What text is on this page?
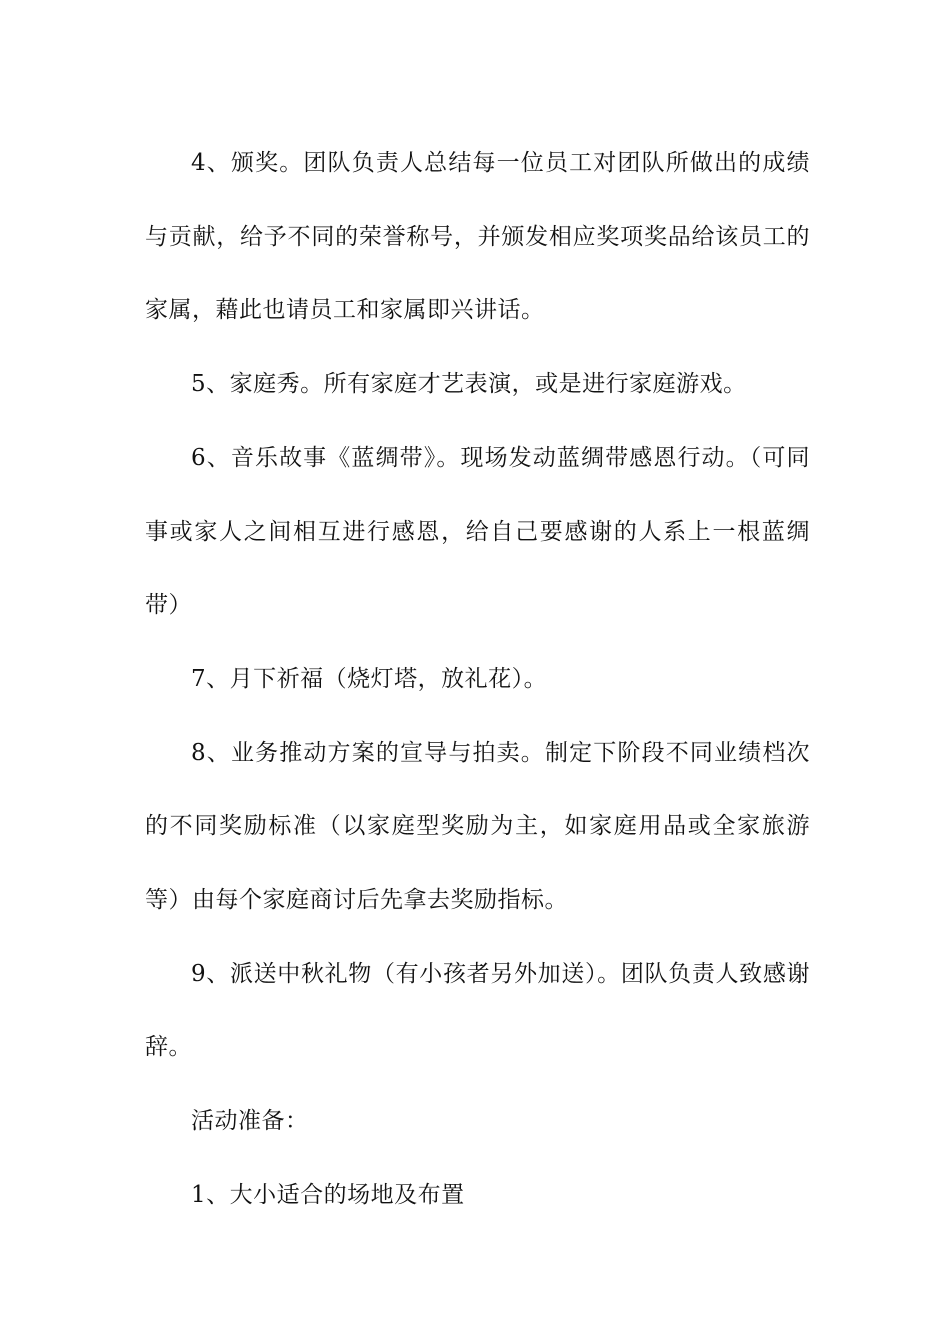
4、颁奖。团队负责人总结每一位员工对团队所做出的成绩与贡献，给予不同的荣誉称号，并颁发相应奖项奖品给该员工的家属，藉此也请员工和家属即兴讲话。

5、家庭秀。所有家庭才艺表演，或是进行家庭游戏。

6、音乐故事《蓝绸带》。现场发动蓝绸带感恩行动。（可同事或家人之间相互进行感恩，给自己要感谢的人系上一根蓝绸带）

7、月下祈福（烧灯塔，放礼花）。

8、业务推动方案的宣导与拍卖。制定下阶段不同业绩档次的不同奖励标准（以家庭型奖励为主，如家庭用品或全家旅游等）由每个家庭商讨后先拿去奖励指标。

9、派送中秋礼物（有小孩者另外加送）。团队负责人致感谢辞。

活动准备：

1、大小适合的场地及布置
